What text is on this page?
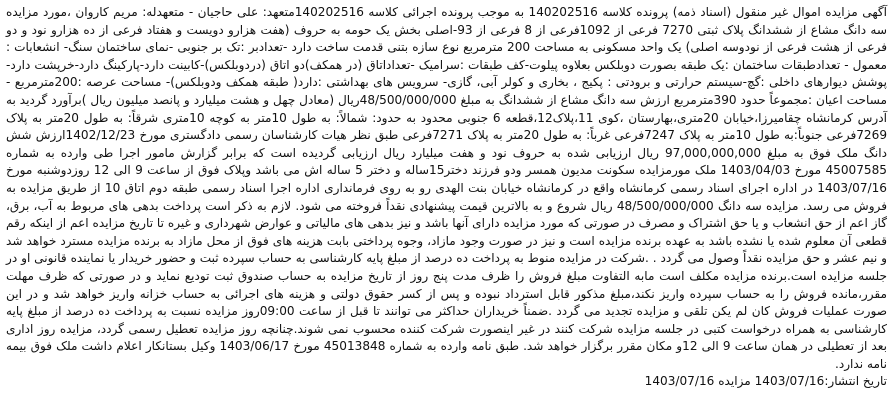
آگهی مزایده اموال غیر منقول (اسناد ذمه) پرونده کلاسه 140202516 به موجب پرونده اجرائی کلاسه 140202516متعهد: علی حاجیان - متعهدله: مریم کاروان ،مورد مزایده سه دانگ مشاع از ششدانگ پلاک ثبتی 7270 فرعی از 1092فرعی از 8 فرعی از 93-اصلی بخش یک حومه به حروف (هفت هزارو دویست و هفتاد فرعی از ده هزارو نود و دو فرعی از هشت فرعی از نودوسه اصلی) یک واحد مسکونی به مساحت 200 مترمربع نوع سازه بتنی قدمت ساخت دارد -تعدادبر :تک بر جنوبی -نمای ساختمان سنگ- انشعابات : معمول - تعدادطبقات ساختمان :یک طبقه بصورت دوبلکس بعلاوه پیلوت-کف طبقات :سرامیک -تعداداتاق (در همکف)دو اتاق (دردوبلکس)-کابینت دارد-پارکینگ دارد-خرپشت دارد-پوشش دیوارهای داخلی :گچ-سیستم حرارتی و برودتی : پکیج ، بخاری و کولر آبی، گازی- سرویس های بهداشتی :دارد( طبقه همکف ودوبلکس)- مساحت عرصه :200مترمربع - مساحت اعیان :مجموعاً حدود 390مترمربع ارزش سه دانگ مشاع از ششدانگ به مبلغ 48/500/000/000ریال (معادل چهل و هشت میلیارد و پانصد میلیون ریال )برآورد گردید به آدرس کرمانشاه چقامیرزا،خیابان 20متری،بهارستان ،کوی 11،پلاک12،قطعه 6 جنوبی محدود به حدود: شمالاً: به طول 10متر به کوچه 10متری شرقاً: به طول 20متر به پلاک 7269فرعی جنوباً:به طول 10متر به پلاک 7247فرعی غرباً: به طول 20متر به پلاک 7271فرعی طبق نظر هیات کارشناسان رسمی دادگستری مورخ 1402/12/23ارزش شش دانگ ملک فوق به مبلغ 97,000,000,000 ریال ارزیابی شده به حروف نود و هفت میلیارد ریال ارزیابی گردیده است که برابر گزارش مامور اجرا طی وارده به شماره 45007585 مورخ 1403/04/03 ملک مورمزایده سکونت مدیون همسر ودو فرزند دختر15ساله و دختر 5 ساله اش می باشد وپلاک فوق از ساعت 9 الی 12 روزدوشنبه مورخ 1403/07/16 در اداره اجرای اسناد رسمی کرمانشاه واقع در کرمانشاه خیابان بنت الهدی رو به روی فرمانداری اداره اجرا اسناد رسمی طبقه دوم اتاق 10 از طریق مزایده به فروش می رسد. مزایده سه دانگ 48/500/000/000 ریال شروع و به بالاترین قیمت پیشنهادی نقداً فروخته می شود. لازم به ذکر است پرداخت بدهی های مربوط به آب، برق، گاز اعم از حق انشعاب و یا حق اشتراک و مصرف در صورتی که مورد مزایده دارای آنها باشد و نیز بدهی های مالیاتی و عوارض شهرداری و غیره تا تاریخ مزایده اعم از اینکه رقم قطعی آن معلوم شده یا نشده باشد به عهده برنده مزایده است و نیز در صورت وجود مازاد، وجوه پرداختی بابت هزینه های فوق از محل مازاد به برنده مزایده مسترد خواهد شد و نیم عشر و حق مزایده نقداً وصول می گردد . .شرکت در مزایده منوط به پرداخت ده درصد از مبلغ پایه کارشناسی به حساب سپرده ثبت و حضور خریدار یا نماینده قانونی او در جلسه مزایده است.برنده مزایده مکلف است مابه التفاوت مبلغ فروش را ظرف مدت پنج روز از تاریخ مزایده به حساب صندوق ثبت تودیع نماید و در صورتی که ظرف مهلت مقرر،مانده فروش را به حساب سپرده واریز نکند،مبلغ مذکور قابل استرداد نبوده و پس از کسر حقوق دولتی و هزینه های اجرائی به حساب خزانه واریز خواهد شد و در این صورت عملیات فروش کان لم یکن تلقی و مزایده تجدید می گردد .ضمناً خریداران حداکثر می توانند تا قبل از ساعت 09:00روز مزایده نسبت به پرداخت ده درصد از مبلغ پایه کارشناسی به همراه درخواست کتبی در جلسه مزایده شرکت کنند در غیر اینصورت شرکت کننده محسوب نمی شوند.چنانچه روز مزایده تعطیل رسمی گردد، مزایده روز اداری بعد از تعطیلی در همان ساعت 9 الی 12و مکان مقرر برگزار خواهد شد. طبق نامه وارده به شماره 45013848 مورخ 1403/06/17 وکیل بستانکار اعلام داشت ملک فوق بیمه نامه ندارد.

تاریخ انتشار:1403/07/16 مزایده 1403/07/16
